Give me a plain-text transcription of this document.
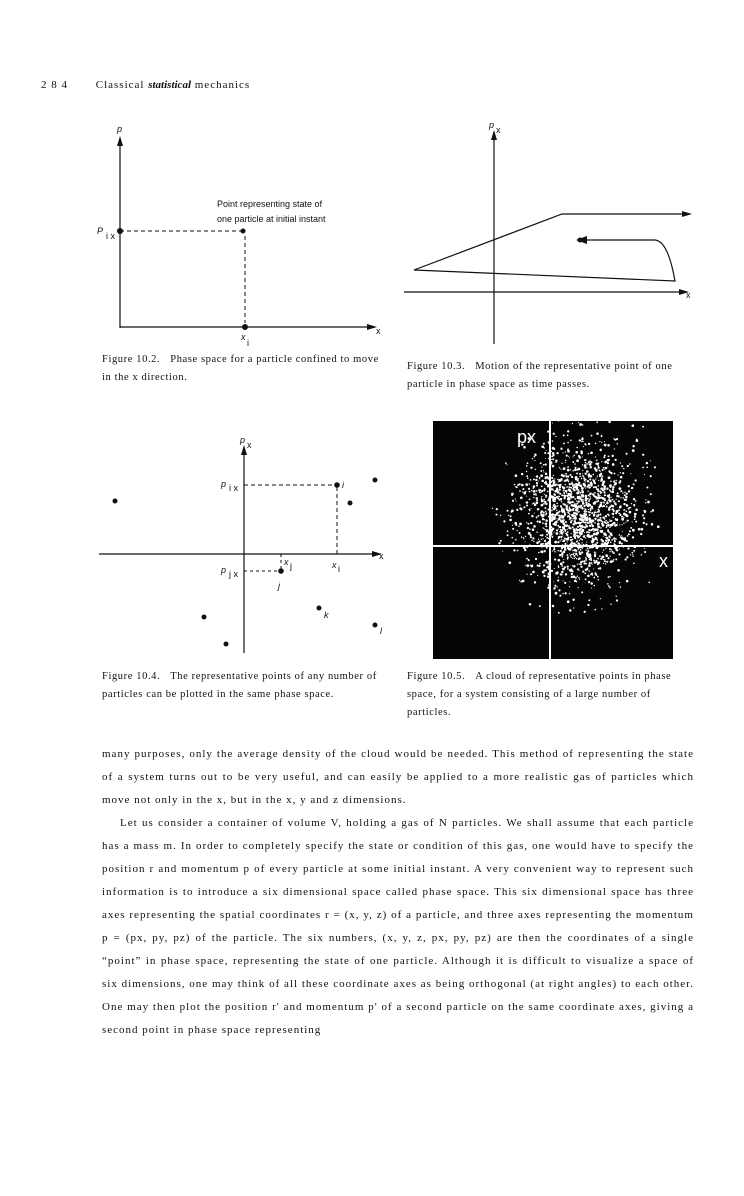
2 8 4	Classical statistical mechanics
p
x
P i x
x
i
Point representing state of
one particle at initial instant
Figure 10.2. Phase space for a particle confined to move in the x direction.
p x
x
Figure 10.3. Motion of the representative point of one particle in phase space as time passes.
p x
x
p i x
p j x
x i
x j
i
j
k
l
Figure 10.4. The representative points of any number of particles can be plotted in the same phase space.
px
x
Figure 10.5. A cloud of representative points in phase space, for a system consisting of a large number of particles.

many purposes, only the average density of the cloud would be needed. This method of representing the state of a system turns out to be very useful, and can easily be applied to a more realistic gas of particles which move not only in the x, but in the x, y and z dimensions.

Let us consider a container of volume V, holding a gas of N particles. We shall assume that each particle has a mass m. In order to completely specify the state or condition of this gas, one would have to specify the position r and momentum p of every particle at some initial instant. A very convenient way to represent such information is to introduce a six dimensional space called phase space. This six dimensional space has three axes representing the spatial coordinates r = (x, y, z) of a particle, and three axes representing the momentum p = (px, py, pz) of the particle. The six numbers, (x, y, z, px, py, pz) are then the coordinates of a single “point” in phase space, representing the state of one particle. Although it is difficult to visualize a space of six dimensions, one may think of all these coordinate axes as being orthogonal (at right angles) to each other. One may then plot the position r' and momentum p' of a second particle on the same coordinate axes, giving a second point in phase space representing
